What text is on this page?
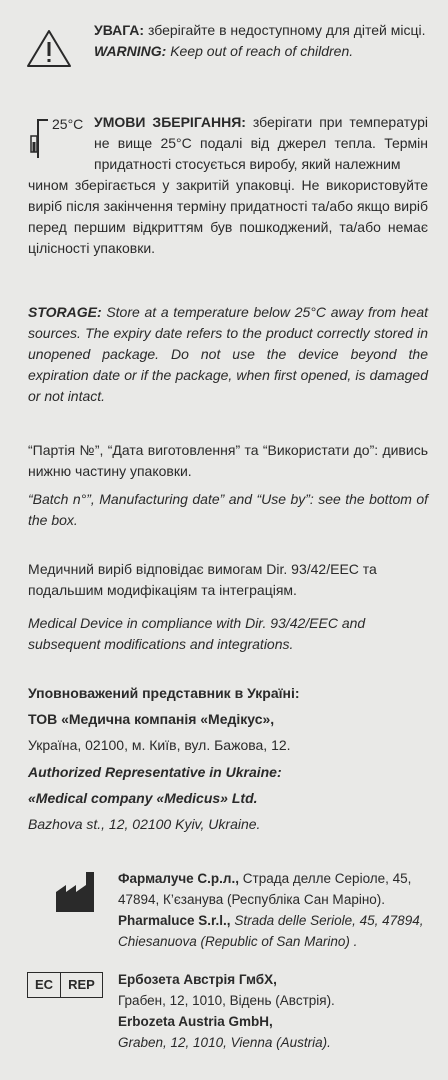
УВАГА: зберігайте в недоступному для дітей місці.

WARNING: Keep out of reach of children.

25°C УМОВИ ЗБЕРІГАННЯ: зберігати при температурі не вище 25°С подалі від джерел тепла. Термін придатності стосується виробу, який належним

чином зберігається у закритій упаковці. Не використовуйте виріб після закінчення терміну придатності та/або якщо виріб перед першим відкриттям був пошкоджений, та/або немає цілісності упаковки.

STORAGE: Store at a temperature below 25°C away from heat sources. The expiry date refers to the product correctly stored in unopened package. Do not use the device beyond the expiration date or if the package, when first opened, is damaged or not intact.

“Партія №”, “Дата виготовлення” та “Використати до”: дивись нижню частину упаковки.

“Batch n°”, Manufacturing date” and “Use by”: see the bottom of the box.

Медичний виріб відповідає вимогам Dir. 93/42/EEC та подальшим модифікаціям та інтеграціям.

Medical Device in compliance with Dir. 93/42/EEC and subsequent modifications and integrations.

Уповноважений представник в Україні:

ТОВ «Медична компанія «Медікус»,

Україна, 02100, м. Київ, вул. Бажова, 12.

Authorized Representative in Ukraine:

«Medical company «Medicus» Ltd.

Bazhova st., 12, 02100 Kyiv, Ukraine.

Фармалуче С.р.л., Страда делле Серіоле, 45, 47894, К’єзанува (Республіка Сан Маріно).

Pharmaluce S.r.l., Strada delle Seriole, 45, 47894, Chiesanuova (Republic of San Marino) .

EC	REP	Ербозета Австрія ГмбХ,

Грабен, 12, 1010, Відень (Австрія).

Erbozeta Austria GmbH,

Graben, 12, 1010, Vienna (Austria).
